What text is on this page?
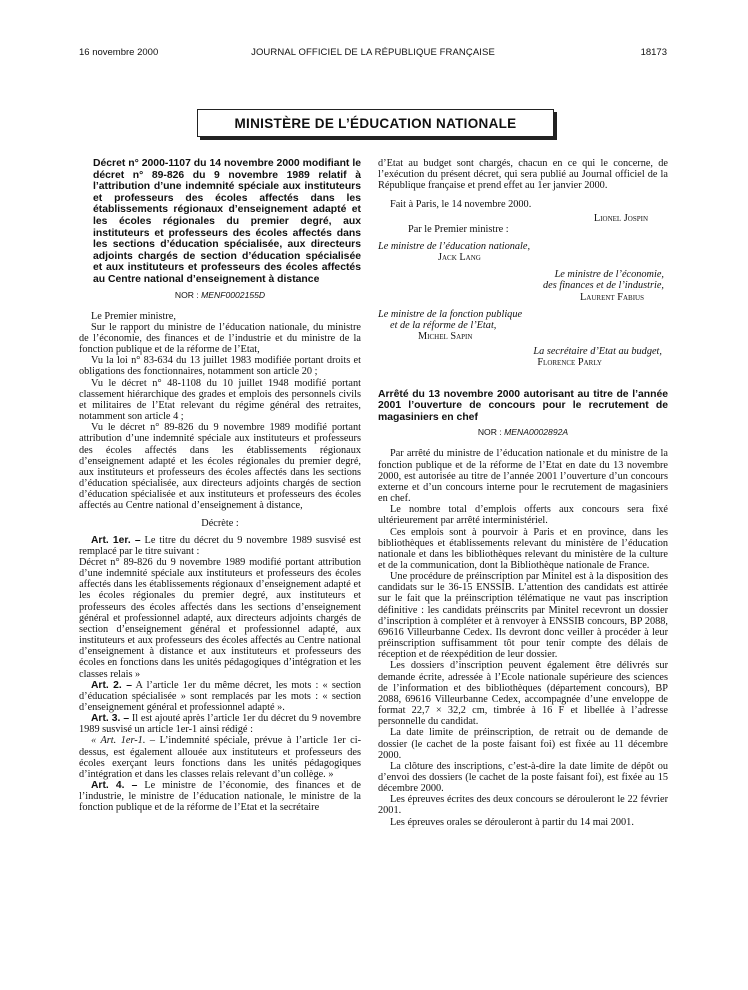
16 novembre 2000	JOURNAL OFFICIEL DE LA RÉPUBLIQUE FRANÇAISE	18173
MINISTÈRE DE L’ÉDUCATION NATIONALE
Décret n° 2000-1107 du 14 novembre 2000 modifiant le décret n° 89-826 du 9 novembre 1989 relatif à l’attribution d’une indemnité spéciale aux instituteurs et professeurs des écoles affectés dans les établissements régionaux d’enseignement adapté et les écoles régionales du premier degré, aux instituteurs et professeurs des écoles affectés dans les sections d’éducation spécialisée, aux directeurs adjoints chargés de section d’éducation spécialisée et aux instituteurs et professeurs des écoles affectés au Centre national d’enseignement à distance
NOR : MENF0002155D

Le Premier ministre,

Sur le rapport du ministre de l’éducation nationale, du ministre de l’économie, des finances et de l’industrie et du ministre de la fonction publique et de la réforme de l’Etat,

Vu la loi n° 83-634 du 13 juillet 1983 modifiée portant droits et obligations des fonctionnaires, notamment son article 20 ;

Vu le décret n° 48-1108 du 10 juillet 1948 modifié portant classement hiérarchique des grades et emplois des personnels civils et militaires de l’Etat relevant du régime général des retraites, notamment son article 4 ;

Vu le décret n° 89-826 du 9 novembre 1989 modifié portant attribution d’une indemnité spéciale aux instituteurs et professeurs des écoles affectés dans les établissements régionaux d’enseignement adapté et les écoles régionales du premier degré, aux instituteurs et professeurs des écoles affectés dans les sections d’éducation spécialisée, aux directeurs adjoints chargés de section d’éducation spécialisée et aux instituteurs et professeurs des écoles affectés au Centre national d’enseignement à distance,

Décrète :

Art. 1er. – Le titre du décret du 9 novembre 1989 susvisé est remplacé par le titre suivant :

Décret n° 89-826 du 9 novembre 1989 modifié portant attribution d’une indemnité spéciale aux instituteurs et professeurs des écoles affectés dans les établissements régionaux d’enseignement adapté et les écoles régionales du premier degré, aux instituteurs et professeurs des écoles affectés dans les sections d’enseignement général et professionnel adapté, aux directeurs adjoints chargés de section d’enseignement général et professionnel adapté, aux instituteurs et aux professeurs des écoles affectés au Centre national d’enseignement à distance et aux instituteurs et professeurs des écoles en fonctions dans les unités pédagogiques d’intégration et les classes relais »

Art. 2. – A l’article 1er du même décret, les mots : « section d’éducation spécialisée » sont remplacés par les mots : « section d’enseignement général et professionnel adapté ».

Art. 3. – Il est ajouté après l’article 1er du décret du 9 novembre 1989 susvisé un article 1er-1 ainsi rédigé :

« Art. 1er-1. – L’indemnité spéciale, prévue à l’article 1er ci-dessus, est également allouée aux instituteurs et professeurs des écoles exerçant leurs fonctions dans les unités pédagogiques d’intégration et dans les classes relais relevant d’un collège. »

Art. 4. – Le ministre de l’économie, des finances et de l’industrie, le ministre de l’éducation nationale, le ministre de la fonction publique et de la réforme de l’Etat et la secrétaire

d’Etat au budget sont chargés, chacun en ce qui le concerne, de l’exécution du présent décret, qui sera publié au Journal officiel de la République française et prend effet au 1er janvier 2000.

Fait à Paris, le 14 novembre 2000.

Lionel Jospin
Par le Premier ministre :
Le ministre de l’éducation nationale,
Jack Lang
Le ministre de l’économie,
des finances et de l’industrie,
Laurent Fabius
Le ministre de la fonction publique
et de la réforme de l’Etat,
Michel Sapin
La secrétaire d’Etat au budget,
Florence Parly
Arrêté du 13 novembre 2000 autorisant au titre de l’année 2001 l’ouverture de concours pour le recrutement de magasiniers en chef
NOR : MENA0002892A

Par arrêté du ministre de l’éducation nationale et du ministre de la fonction publique et de la réforme de l’Etat en date du 13 novembre 2000, est autorisée au titre de l’année 2001 l’ouverture d’un concours externe et d’un concours interne pour le recrutement de magasiniers en chef.

Le nombre total d’emplois offerts aux concours sera fixé ultérieurement par arrêté interministériel.

Ces emplois sont à pourvoir à Paris et en province, dans les bibliothèques et établissements relevant du ministère de l’éducation nationale et dans les bibliothèques relevant du ministère de la culture et de la communication, dont la Bibliothèque nationale de France.

Une procédure de préinscription par Minitel est à la disposition des candidats sur le 36-15 ENSSIB. L’attention des candidats est attirée sur le fait que la préinscription télématique ne vaut pas inscription définitive : les candidats préinscrits par Minitel recevront un dossier d’inscription à compléter et à renvoyer à ENSSIB concours, BP 2088, 69616 Villeurbanne Cedex. Ils devront donc veiller à procéder à leur préinscription suffisamment tôt pour tenir compte des délais de réception et de réexpédition de leur dossier.

Les dossiers d’inscription peuvent également être délivrés sur demande écrite, adressée à l’Ecole nationale supérieure des sciences de l’information et des bibliothèques (département concours), BP 2088, 69616 Villeurbanne Cedex, accompagnée d’une enveloppe de format 22,7 × 32,2 cm, timbrée à 16 F et libellée à l’adresse personnelle du candidat.

La date limite de préinscription, de retrait ou de demande de dossier (le cachet de la poste faisant foi) est fixée au 11 décembre 2000.

La clôture des inscriptions, c’est-à-dire la date limite de dépôt ou d’envoi des dossiers (le cachet de la poste faisant foi), est fixée au 15 décembre 2000.

Les épreuves écrites des deux concours se dérouleront le 22 février 2001.

Les épreuves orales se dérouleront à partir du 14 mai 2001.
